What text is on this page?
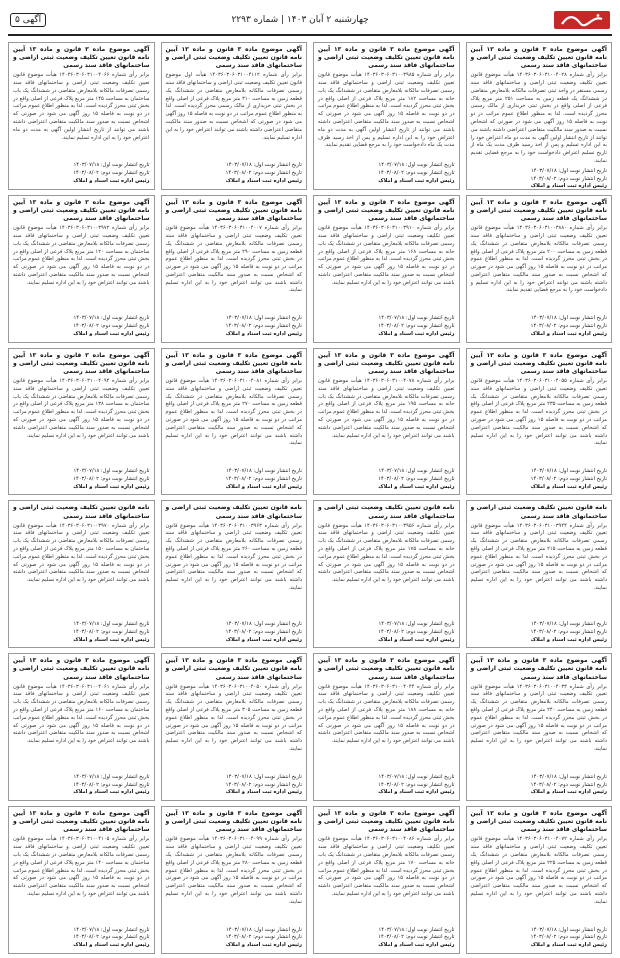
چهارشنبه ۲ آبان ۱۴۰۳ | شماره ۲۲۹۳
آگهی ۵
آگهی موضوع ماده ۳ قانون و ماده ۱۳ آیین نامه قانون تعیین تکلیف وضعیت ثبتی اراضی و ساختمانهای فاقد سند رسمی
برابر رأی شماره ۱۴۰۳۶۰۳۰۶۰۳۱۰۰۴۰۲۸ هیأت موضوع قانون تعیین تکلیف وضعیت ثبتی اراضی و ساختمانهای فاقد سند رسمی مستقر در واحد ثبتی تصرفات مالکانه بلامعارض متقاضی در ششدانگ یک قطعه زمین به مساحت ۲۵۱ متر مربع پلاک فرعی از اصلی واقع در بخش ثبتی خریداری از مالک رسمی محرز گردیده است. لذا به منظور اطلاع عموم مراتب در دو نوبت به فاصله ۱۵ روز آگهی می شود در صورتی که اشخاص نسبت به صدور سند مالکیت متقاضی اعتراضی داشته باشند می توانند از تاریخ انتشار اولین آگهی به مدت دو ماه اعتراض خود را به این اداره تسلیم و پس از اخذ رسید ظرف مدت یک ماه از تاریخ تسلیم اعتراض دادخواست خود را به مرجع قضایی تقدیم نمایند.
تاریخ انتشار نوبت اول: ۱۴۰۳/۰۷/۱۸
تاریخ انتشار نوبت دوم: ۱۴۰۳/۰۸/۰۲
رئیس اداره ثبت اسناد و املاک
آگهی موضوع ماده ۳ قانون و ماده ۱۳ آیین نامه قانون تعیین تکلیف وضعیت ثبتی اراضی و ساختمانهای فاقد سند رسمی
برابر رأی شماره ۱۴۰۳۶۰۳۰۶۰۳۱۰۰۳۹۸۵ هیأت موضوع قانون تعیین تکلیف وضعیت ثبتی اراضی و ساختمانهای فاقد سند رسمی تصرفات مالکانه بلامعارض متقاضی در ششدانگ یک باب خانه به مساحت ۱۸۲ متر مربع پلاک فرعی از اصلی واقع در بخش ثبتی محرز گردیده است. لذا به منظور اطلاع عموم مراتب در دو نوبت به فاصله ۱۵ روز آگهی می شود در صورتی که اشخاص نسبت به صدور سند مالکیت متقاضی اعتراضی داشته باشند می توانند از تاریخ انتشار اولین آگهی به مدت دو ماه اعتراض خود را به این اداره تسلیم و پس از اخذ رسید ظرف مدت یک ماه دادخواست خود را به مرجع قضایی تقدیم نمایند.
تاریخ انتشار نوبت اول: ۱۴۰۳/۰۷/۱۸
تاریخ انتشار نوبت دوم: ۱۴۰۳/۰۸/۰۲
رئیس اداره ثبت اسناد و املاک
آگهی موضوع ماده ۳ قانون و ماده ۱۳ آیین نامه قانون تعیین تکلیف وضعیت ثبتی اراضی و ساختمانهای فاقد سند رسمی
برابر رأی شماره ۱۴۰۳۶۰۳۰۶۰۳۱۰۰۴۱۱۲ هیأت اول موضوع قانون تعیین تکلیف وضعیت ثبتی اراضی و ساختمانهای فاقد سند رسمی تصرفات مالکانه بلامعارض متقاضی در ششدانگ یک قطعه زمین به مساحت ۳۱۰ متر مربع پلاک فرعی از اصلی واقع در بخش ثبتی خریداری از مالک رسمی محرز گردیده است. لذا به منظور اطلاع عموم مراتب در دو نوبت به فاصله ۱۵ روز آگهی می شود در صورتی که اشخاص نسبت به صدور سند مالکیت متقاضی اعتراضی داشته باشند می توانند اعتراض خود را به این اداره تسلیم نمایند.
تاریخ انتشار نوبت اول: ۱۴۰۳/۰۷/۱۸
تاریخ انتشار نوبت دوم: ۱۴۰۳/۰۸/۰۲
رئیس اداره ثبت اسناد و املاک
آگهی موضوع ماده ۳ قانون و ماده ۱۳ آیین نامه قانون تعیین تکلیف وضعیت ثبتی اراضی و ساختمانهای فاقد سند رسمی
برابر رأی شماره ۱۴۰۳۶۰۳۰۶۰۳۱۰۰۴۰۶۶ هیأت موضوع قانون تعیین تکلیف وضعیت ثبتی اراضی و ساختمانهای فاقد سند رسمی تصرفات مالکانه بلامعارض متقاضی در ششدانگ یک باب ساختمان به مساحت ۱۴۵ متر مربع پلاک فرعی از اصلی واقع در بخش ثبتی محرز گردیده است. لذا به منظور اطلاع عموم مراتب در دو نوبت به فاصله ۱۵ روز آگهی می شود در صورتی که اشخاص نسبت به صدور سند مالکیت متقاضی اعتراضی داشته باشند می توانند از تاریخ انتشار اولین آگهی به مدت دو ماه اعتراض خود را به این اداره تسلیم نمایند.
تاریخ انتشار نوبت اول: ۱۴۰۳/۰۷/۱۸
تاریخ انتشار نوبت دوم: ۱۴۰۳/۰۸/۰۲
رئیس اداره ثبت اسناد و املاک
آگهی موضوع ماده ۳ قانون و ماده ۱۳ آیین نامه قانون تعیین تکلیف وضعیت ثبتی اراضی و ساختمانهای فاقد سند رسمی
برابر رأی شماره ۱۴۰۳۶۰۳۰۶۰۳۱۰۰۳۸۸۰ هیأت موضوع قانون تعیین تکلیف وضعیت ثبتی اراضی و ساختمانهای فاقد سند رسمی تصرفات مالکانه بلامعارض متقاضی در ششدانگ یک قطعه زمین به مساحت ۲۰۰ متر مربع پلاک فرعی از اصلی واقع در بخش ثبتی محرز گردیده است. لذا به منظور اطلاع عموم مراتب در دو نوبت به فاصله ۱۵ روز آگهی می شود در صورتی که اشخاص نسبت به صدور سند مالکیت متقاضی اعتراضی داشته باشند می توانند اعتراض خود را به این اداره تسلیم و دادخواست خود را به مرجع قضایی تقدیم نمایند.
تاریخ انتشار نوبت اول: ۱۴۰۳/۰۷/۱۸
تاریخ انتشار نوبت دوم: ۱۴۰۳/۰۸/۰۲
رئیس اداره ثبت اسناد و املاک
آگهی موضوع ماده ۳ قانون و ماده ۱۳ آیین نامه قانون تعیین تکلیف وضعیت ثبتی اراضی و ساختمانهای فاقد سند رسمی
برابر رأی شماره ۱۴۰۳۶۰۳۰۶۰۳۱۰۰۳۹۱۰ هیأت موضوع قانون تعیین تکلیف وضعیت ثبتی اراضی و ساختمانهای فاقد سند رسمی تصرفات مالکانه بلامعارض متقاضی در ششدانگ یک باب خانه به مساحت ۱۶۸ متر مربع پلاک فرعی از اصلی واقع در بخش ثبتی محرز گردیده است. لذا به منظور اطلاع عموم مراتب در دو نوبت به فاصله ۱۵ روز آگهی می شود در صورتی که اشخاص نسبت به صدور سند مالکیت متقاضی اعتراضی داشته باشند می توانند اعتراض خود را به این اداره تسلیم نمایند.
تاریخ انتشار نوبت اول: ۱۴۰۳/۰۷/۱۸
تاریخ انتشار نوبت دوم: ۱۴۰۳/۰۸/۰۲
رئیس اداره ثبت اسناد و املاک
آگهی موضوع ماده ۳ قانون و ماده ۱۳ آیین نامه قانون تعیین تکلیف وضعیت ثبتی اراضی و ساختمانهای فاقد سند رسمی
برابر رأی شماره ۱۴۰۳۶۰۳۰۶۰۳۱۰۰۴۰۰۷ هیأت موضوع قانون تعیین تکلیف وضعیت ثبتی اراضی و ساختمانهای فاقد سند رسمی تصرفات مالکانه بلامعارض متقاضی در ششدانگ یک قطعه زمین به مساحت ۲۹۰ متر مربع پلاک فرعی از اصلی واقع در بخش ثبتی محرز گردیده است. لذا به منظور اطلاع عموم مراتب در دو نوبت به فاصله ۱۵ روز آگهی می شود در صورتی که اشخاص نسبت به صدور سند مالکیت متقاضی اعتراضی داشته باشند می توانند اعتراض خود را به این اداره تسلیم نمایند.
تاریخ انتشار نوبت اول: ۱۴۰۳/۰۷/۱۸
تاریخ انتشار نوبت دوم: ۱۴۰۳/۰۸/۰۲
رئیس اداره ثبت اسناد و املاک
آگهی موضوع ماده ۳ قانون و ماده ۱۳ آیین نامه قانون تعیین تکلیف وضعیت ثبتی اراضی و ساختمانهای فاقد سند رسمی
برابر رأی شماره ۱۴۰۳۶۰۳۰۶۰۳۱۰۰۳۹۷۲ هیأت موضوع قانون تعیین تکلیف وضعیت ثبتی اراضی و ساختمانهای فاقد سند رسمی تصرفات مالکانه بلامعارض متقاضی در ششدانگ یک باب ساختمان به مساحت ۱۲۰ متر مربع پلاک فرعی از اصلی واقع در بخش ثبتی محرز گردیده است. لذا به منظور اطلاع عموم مراتب در دو نوبت به فاصله ۱۵ روز آگهی می شود در صورتی که اشخاص نسبت به صدور سند مالکیت متقاضی اعتراضی داشته باشند می توانند اعتراض خود را به این اداره تسلیم نمایند.
تاریخ انتشار نوبت اول: ۱۴۰۳/۰۷/۱۸
تاریخ انتشار نوبت دوم: ۱۴۰۳/۰۸/۰۲
رئیس اداره ثبت اسناد و املاک
آگهی موضوع ماده ۳ قانون و ماده ۱۳ آیین نامه قانون تعیین تکلیف وضعیت ثبتی اراضی و ساختمانهای فاقد سند رسمی
برابر رأی شماره ۱۴۰۳۶۰۳۰۶۰۳۱۰۰۴۰۵۵ هیأت موضوع قانون تعیین تکلیف وضعیت ثبتی اراضی و ساختمانهای فاقد سند رسمی تصرفات مالکانه بلامعارض متقاضی در ششدانگ یک قطعه زمین به مساحت ۲۳۵ متر مربع پلاک فرعی از اصلی واقع در بخش ثبتی محرز گردیده است. لذا به منظور اطلاع عموم مراتب در دو نوبت به فاصله ۱۵ روز آگهی می شود در صورتی که اشخاص نسبت به صدور سند مالکیت متقاضی اعتراضی داشته باشند می توانند اعتراض خود را به این اداره تسلیم نمایند.
تاریخ انتشار نوبت اول: ۱۴۰۳/۰۷/۱۸
تاریخ انتشار نوبت دوم: ۱۴۰۳/۰۸/۰۲
رئیس اداره ثبت اسناد و املاک
آگهی موضوع ماده ۳ قانون و ماده ۱۳ آیین نامه قانون تعیین تکلیف وضعیت ثبتی اراضی و ساختمانهای فاقد سند رسمی
برابر رأی شماره ۱۴۰۳۶۰۳۰۶۰۳۱۰۰۴۰۷۸ هیأت موضوع قانون تعیین تکلیف وضعیت ثبتی اراضی و ساختمانهای فاقد سند رسمی تصرفات مالکانه بلامعارض متقاضی در ششدانگ یک باب خانه به مساحت ۱۹۵ متر مربع پلاک فرعی از اصلی واقع در بخش ثبتی محرز گردیده است. لذا به منظور اطلاع عموم مراتب در دو نوبت به فاصله ۱۵ روز آگهی می شود در صورتی که اشخاص نسبت به صدور سند مالکیت متقاضی اعتراضی داشته باشند می توانند اعتراض خود را به این اداره تسلیم نمایند.
تاریخ انتشار نوبت اول: ۱۴۰۳/۰۷/۱۸
تاریخ انتشار نوبت دوم: ۱۴۰۳/۰۸/۰۲
رئیس اداره ثبت اسناد و املاک
آگهی موضوع ماده ۳ قانون و ماده ۱۳ آیین نامه قانون تعیین تکلیف وضعیت ثبتی اراضی و ساختمانهای فاقد سند رسمی
برابر رأی شماره ۱۴۰۳۶۰۳۰۶۰۳۱۰۰۴۰۸۱ هیأت موضوع قانون تعیین تکلیف وضعیت ثبتی اراضی و ساختمانهای فاقد سند رسمی تصرفات مالکانه بلامعارض متقاضی در ششدانگ یک قطعه زمین به مساحت ۲۷۰ متر مربع پلاک فرعی از اصلی واقع در بخش ثبتی محرز گردیده است. لذا به منظور اطلاع عموم مراتب در دو نوبت به فاصله ۱۵ روز آگهی می شود در صورتی که اشخاص نسبت به صدور سند مالکیت متقاضی اعتراضی داشته باشند می توانند اعتراض خود را به این اداره تسلیم نمایند.
تاریخ انتشار نوبت اول: ۱۴۰۳/۰۷/۱۸
تاریخ انتشار نوبت دوم: ۱۴۰۳/۰۸/۰۲
رئیس اداره ثبت اسناد و املاک
آگهی موضوع ماده ۳ قانون و ماده ۱۳ آیین نامه قانون تعیین تکلیف وضعیت ثبتی اراضی و ساختمانهای فاقد سند رسمی
برابر رأی شماره ۱۴۰۳۶۰۳۰۶۰۳۱۰۰۴۰۹۴ هیأت موضوع قانون تعیین تکلیف وضعیت ثبتی اراضی و ساختمانهای فاقد سند رسمی تصرفات مالکانه بلامعارض متقاضی در ششدانگ یک باب ساختمان به مساحت ۱۳۸ متر مربع پلاک فرعی از اصلی واقع در بخش ثبتی محرز گردیده است. لذا به منظور اطلاع عموم مراتب در دو نوبت به فاصله ۱۵ روز آگهی می شود در صورتی که اشخاص نسبت به صدور سند مالکیت متقاضی اعتراضی داشته باشند می توانند اعتراض خود را به این اداره تسلیم نمایند.
تاریخ انتشار نوبت اول: ۱۴۰۳/۰۷/۱۸
تاریخ انتشار نوبت دوم: ۱۴۰۳/۰۸/۰۲
رئیس اداره ثبت اسناد و املاک
نامه قانون تعیین تکلیف وضعیت ثبتی اراضی و ساختمانهای فاقد سند رسمی
برابر رأی شماره ۱۴۰۳۶۰۳۰۶۰۳۱۰۰۳۹۴۴ هیأت موضوع قانون تعیین تکلیف وضعیت ثبتی اراضی و ساختمانهای فاقد سند رسمی تصرفات مالکانه بلامعارض متقاضی در ششدانگ یک قطعه زمین به مساحت ۲۱۵ متر مربع پلاک فرعی از اصلی واقع در بخش ثبتی محرز گردیده است. لذا به منظور اطلاع عموم مراتب در دو نوبت به فاصله ۱۵ روز آگهی می شود در صورتی که اشخاص نسبت به صدور سند مالکیت متقاضی اعتراضی داشته باشند می توانند اعتراض خود را به این اداره تسلیم نمایند.
تاریخ انتشار نوبت اول: ۱۴۰۳/۰۷/۱۸
تاریخ انتشار نوبت دوم: ۱۴۰۳/۰۸/۰۲
رئیس اداره ثبت اسناد و املاک
نامه قانون تعیین تکلیف وضعیت ثبتی اراضی و ساختمانهای فاقد سند رسمی
برابر رأی شماره ۱۴۰۳۶۰۳۰۶۰۳۱۰۰۳۹۵۶ هیأت موضوع قانون تعیین تکلیف وضعیت ثبتی اراضی و ساختمانهای فاقد سند رسمی تصرفات مالکانه بلامعارض متقاضی در ششدانگ یک باب خانه به مساحت ۱۷۵ متر مربع پلاک فرعی از اصلی واقع در بخش ثبتی محرز گردیده است. لذا به منظور اطلاع عموم مراتب در دو نوبت به فاصله ۱۵ روز آگهی می شود در صورتی که اشخاص نسبت به صدور سند مالکیت متقاضی اعتراضی داشته باشند می توانند اعتراض خود را به این اداره تسلیم نمایند.
تاریخ انتشار نوبت اول: ۱۴۰۳/۰۷/۱۸
تاریخ انتشار نوبت دوم: ۱۴۰۳/۰۸/۰۲
رئیس اداره ثبت اسناد و املاک
نامه قانون تعیین تکلیف وضعیت ثبتی اراضی و ساختمانهای فاقد سند رسمی
برابر رأی شماره ۱۴۰۳۶۰۳۰۶۰۳۱۰۰۳۹۶۳ هیأت موضوع قانون تعیین تکلیف وضعیت ثبتی اراضی و ساختمانهای فاقد سند رسمی تصرفات مالکانه بلامعارض متقاضی در ششدانگ یک قطعه زمین به مساحت ۲۶۰ متر مربع پلاک فرعی از اصلی واقع در بخش ثبتی محرز گردیده است. لذا به منظور اطلاع عموم مراتب در دو نوبت به فاصله ۱۵ روز آگهی می شود در صورتی که اشخاص نسبت به صدور سند مالکیت متقاضی اعتراضی داشته باشند می توانند اعتراض خود را به این اداره تسلیم نمایند.
تاریخ انتشار نوبت اول: ۱۴۰۳/۰۷/۱۸
تاریخ انتشار نوبت دوم: ۱۴۰۳/۰۸/۰۲
رئیس اداره ثبت اسناد و املاک
نامه قانون تعیین تکلیف وضعیت ثبتی اراضی و ساختمانهای فاقد سند رسمی
برابر رأی شماره ۱۴۰۳۶۰۳۰۶۰۳۱۰۰۳۹۷۰ هیأت موضوع قانون تعیین تکلیف وضعیت ثبتی اراضی و ساختمانهای فاقد سند رسمی تصرفات مالکانه بلامعارض متقاضی در ششدانگ یک باب ساختمان به مساحت ۱۵۰ متر مربع پلاک فرعی از اصلی واقع در بخش ثبتی محرز گردیده است. لذا به منظور اطلاع عموم مراتب در دو نوبت به فاصله ۱۵ روز آگهی می شود در صورتی که اشخاص نسبت به صدور سند مالکیت متقاضی اعتراضی داشته باشند می توانند اعتراض خود را به این اداره تسلیم نمایند.
تاریخ انتشار نوبت اول: ۱۴۰۳/۰۷/۱۸
تاریخ انتشار نوبت دوم: ۱۴۰۳/۰۸/۰۲
رئیس اداره ثبت اسناد و املاک
آگهی موضوع ماده ۳ قانون و ماده ۱۳ آیین نامه قانون تعیین تکلیف وضعیت ثبتی اراضی و ساختمانهای فاقد سند رسمی
برابر رأی شماره ۱۴۰۳۶۰۳۰۶۰۳۱۰۰۴۰۳۳ هیأت موضوع قانون تعیین تکلیف وضعیت ثبتی اراضی و ساختمانهای فاقد سند رسمی تصرفات مالکانه بلامعارض متقاضی در ششدانگ یک قطعه زمین به مساحت ۲۴۰ متر مربع پلاک فرعی از اصلی واقع در بخش ثبتی محرز گردیده است. لذا به منظور اطلاع عموم مراتب در دو نوبت به فاصله ۱۵ روز آگهی می شود در صورتی که اشخاص نسبت به صدور سند مالکیت متقاضی اعتراضی داشته باشند می توانند اعتراض خود را به این اداره تسلیم نمایند.
تاریخ انتشار نوبت اول: ۱۴۰۳/۰۷/۱۸
تاریخ انتشار نوبت دوم: ۱۴۰۳/۰۸/۰۲
رئیس اداره ثبت اسناد و املاک
آگهی موضوع ماده ۳ قانون و ماده ۱۳ آیین نامه قانون تعیین تکلیف وضعیت ثبتی اراضی و ساختمانهای فاقد سند رسمی
برابر رأی شماره ۱۴۰۳۶۰۳۰۶۰۳۱۰۰۴۰۴۴ هیأت موضوع قانون تعیین تکلیف وضعیت ثبتی اراضی و ساختمانهای فاقد سند رسمی تصرفات مالکانه بلامعارض متقاضی در ششدانگ یک باب خانه به مساحت ۱۸۸ متر مربع پلاک فرعی از اصلی واقع در بخش ثبتی محرز گردیده است. لذا به منظور اطلاع عموم مراتب در دو نوبت به فاصله ۱۵ روز آگهی می شود در صورتی که اشخاص نسبت به صدور سند مالکیت متقاضی اعتراضی داشته باشند می توانند اعتراض خود را به این اداره تسلیم نمایند.
تاریخ انتشار نوبت اول: ۱۴۰۳/۰۷/۱۸
تاریخ انتشار نوبت دوم: ۱۴۰۳/۰۸/۰۲
رئیس اداره ثبت اسناد و املاک
آگهی موضوع ماده ۳ قانون و ماده ۱۳ آیین نامه قانون تعیین تکلیف وضعیت ثبتی اراضی و ساختمانهای فاقد سند رسمی
برابر رأی شماره ۱۴۰۳۶۰۳۰۶۰۳۱۰۰۴۰۵۰ هیأت موضوع قانون تعیین تکلیف وضعیت ثبتی اراضی و ساختمانهای فاقد سند رسمی تصرفات مالکانه بلامعارض متقاضی در ششدانگ یک قطعه زمین به مساحت ۳۰۵ متر مربع پلاک فرعی از اصلی واقع در بخش ثبتی محرز گردیده است. لذا به منظور اطلاع عموم مراتب در دو نوبت به فاصله ۱۵ روز آگهی می شود در صورتی که اشخاص نسبت به صدور سند مالکیت متقاضی اعتراضی داشته باشند می توانند اعتراض خود را به این اداره تسلیم نمایند.
تاریخ انتشار نوبت اول: ۱۴۰۳/۰۷/۱۸
تاریخ انتشار نوبت دوم: ۱۴۰۳/۰۸/۰۲
رئیس اداره ثبت اسناد و املاک
آگهی موضوع ماده ۳ قانون و ماده ۱۳ آیین نامه قانون تعیین تکلیف وضعیت ثبتی اراضی و ساختمانهای فاقد سند رسمی
برابر رأی شماره ۱۴۰۳۶۰۳۰۶۰۳۱۰۰۴۰۶۱ هیأت موضوع قانون تعیین تکلیف وضعیت ثبتی اراضی و ساختمانهای فاقد سند رسمی تصرفات مالکانه بلامعارض متقاضی در ششدانگ یک باب ساختمان به مساحت ۱۶۰ متر مربع پلاک فرعی از اصلی واقع در بخش ثبتی محرز گردیده است. لذا به منظور اطلاع عموم مراتب در دو نوبت به فاصله ۱۵ روز آگهی می شود در صورتی که اشخاص نسبت به صدور سند مالکیت متقاضی اعتراضی داشته باشند می توانند اعتراض خود را به این اداره تسلیم نمایند.
تاریخ انتشار نوبت اول: ۱۴۰۳/۰۷/۱۸
تاریخ انتشار نوبت دوم: ۱۴۰۳/۰۸/۰۲
رئیس اداره ثبت اسناد و املاک
آگهی موضوع ماده ۳ قانون و ماده ۱۳ آیین نامه قانون تعیین تکلیف وضعیت ثبتی اراضی و ساختمانهای فاقد سند رسمی
برابر رأی شماره ۱۴۰۳۶۰۳۰۶۰۳۱۰۰۴۰۷۲ هیأت موضوع قانون تعیین تکلیف وضعیت ثبتی اراضی و ساختمانهای فاقد سند رسمی تصرفات مالکانه بلامعارض متقاضی در ششدانگ یک قطعه زمین به مساحت ۲۲۵ متر مربع پلاک فرعی از اصلی واقع در بخش ثبتی محرز گردیده است. لذا به منظور اطلاع عموم مراتب در دو نوبت به فاصله ۱۵ روز آگهی می شود در صورتی که اشخاص نسبت به صدور سند مالکیت متقاضی اعتراضی داشته باشند می توانند اعتراض خود را به این اداره تسلیم نمایند.
تاریخ انتشار نوبت اول: ۱۴۰۳/۰۷/۱۸
تاریخ انتشار نوبت دوم: ۱۴۰۳/۰۸/۰۲
رئیس اداره ثبت اسناد و املاک
آگهی موضوع ماده ۳ قانون و ماده ۱۳ آیین نامه قانون تعیین تکلیف وضعیت ثبتی اراضی و ساختمانهای فاقد سند رسمی
برابر رأی شماره ۱۴۰۳۶۰۳۰۶۰۳۱۰۰۴۰۸۶ هیأت موضوع قانون تعیین تکلیف وضعیت ثبتی اراضی و ساختمانهای فاقد سند رسمی تصرفات مالکانه بلامعارض متقاضی در ششدانگ یک باب خانه به مساحت ۱۷۰ متر مربع پلاک فرعی از اصلی واقع در بخش ثبتی محرز گردیده است. لذا به منظور اطلاع عموم مراتب در دو نوبت به فاصله ۱۵ روز آگهی می شود در صورتی که اشخاص نسبت به صدور سند مالکیت متقاضی اعتراضی داشته باشند می توانند اعتراض خود را به این اداره تسلیم نمایند.
تاریخ انتشار نوبت اول: ۱۴۰۳/۰۷/۱۸
تاریخ انتشار نوبت دوم: ۱۴۰۳/۰۸/۰۲
رئیس اداره ثبت اسناد و املاک
آگهی موضوع ماده ۳ قانون و ماده ۱۳ آیین نامه قانون تعیین تکلیف وضعیت ثبتی اراضی و ساختمانهای فاقد سند رسمی
برابر رأی شماره ۱۴۰۳۶۰۳۰۶۰۳۱۰۰۴۰۹۹ هیأت موضوع قانون تعیین تکلیف وضعیت ثبتی اراضی و ساختمانهای فاقد سند رسمی تصرفات مالکانه بلامعارض متقاضی در ششدانگ یک قطعه زمین به مساحت ۲۸۰ متر مربع پلاک فرعی از اصلی واقع در بخش ثبتی محرز گردیده است. لذا به منظور اطلاع عموم مراتب در دو نوبت به فاصله ۱۵ روز آگهی می شود در صورتی که اشخاص نسبت به صدور سند مالکیت متقاضی اعتراضی داشته باشند می توانند اعتراض خود را به این اداره تسلیم نمایند.
تاریخ انتشار نوبت اول: ۱۴۰۳/۰۷/۱۸
تاریخ انتشار نوبت دوم: ۱۴۰۳/۰۸/۰۲
رئیس اداره ثبت اسناد و املاک
آگهی موضوع ماده ۳ قانون و ماده ۱۳ آیین نامه قانون تعیین تکلیف وضعیت ثبتی اراضی و ساختمانهای فاقد سند رسمی
برابر رأی شماره ۱۴۰۳۶۰۳۰۶۰۳۱۰۰۴۱۰۵ هیأت موضوع قانون تعیین تکلیف وضعیت ثبتی اراضی و ساختمانهای فاقد سند رسمی تصرفات مالکانه بلامعارض متقاضی در ششدانگ یک باب ساختمان به مساحت ۱۴۰ متر مربع پلاک فرعی از اصلی واقع در بخش ثبتی محرز گردیده است. لذا به منظور اطلاع عموم مراتب در دو نوبت به فاصله ۱۵ روز آگهی می شود در صورتی که اشخاص نسبت به صدور سند مالکیت متقاضی اعتراضی داشته باشند می توانند اعتراض خود را به این اداره تسلیم نمایند.
تاریخ انتشار نوبت اول: ۱۴۰۳/۰۷/۱۸
تاریخ انتشار نوبت دوم: ۱۴۰۳/۰۸/۰۲
رئیس اداره ثبت اسناد و املاک
